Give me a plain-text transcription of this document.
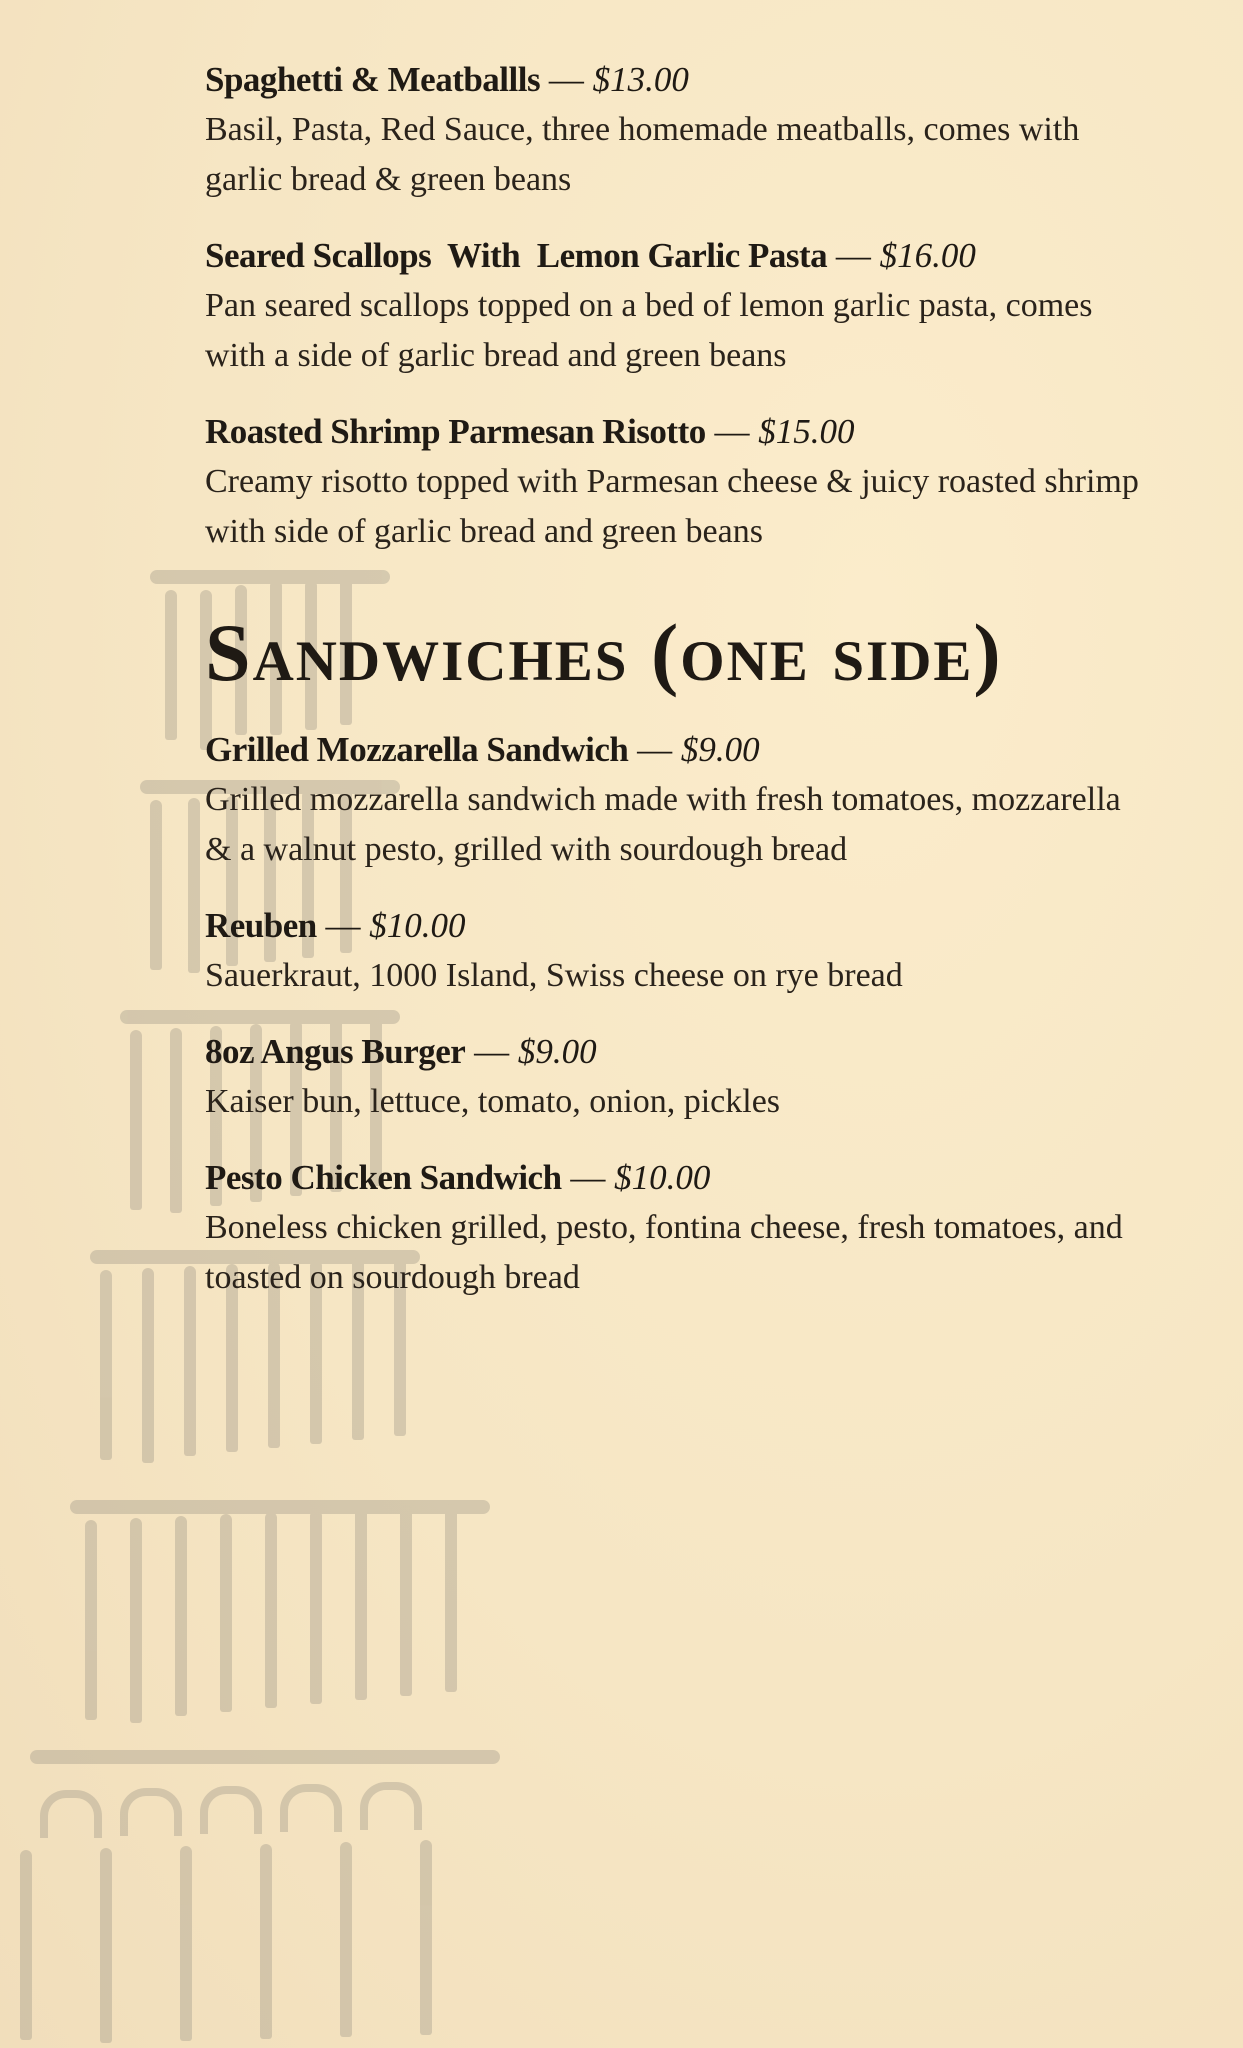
Spaghetti & Meatballls — $13.00
Basil, Pasta, Red Sauce, three homemade meatballs, comes with garlic bread & green beans
Seared Scallops  With  Lemon Garlic Pasta — $16.00
Pan seared scallops topped on a bed of lemon garlic pasta, comes with a side of garlic bread and green beans
Roasted Shrimp Parmesan Risotto — $15.00
Creamy risotto topped with Parmesan cheese & juicy roasted shrimp with side of garlic bread and green beans
Sandwiches (one side)
Grilled Mozzarella Sandwich — $9.00
Grilled mozzarella sandwich made with fresh tomatoes, mozzarella & a walnut pesto, grilled with sourdough bread
Reuben — $10.00
Sauerkraut, 1000 Island, Swiss cheese on rye bread
8oz Angus Burger — $9.00
Kaiser bun, lettuce, tomato, onion, pickles
Pesto Chicken Sandwich — $10.00
Boneless chicken grilled, pesto, fontina cheese, fresh tomatoes, and toasted on sourdough bread
